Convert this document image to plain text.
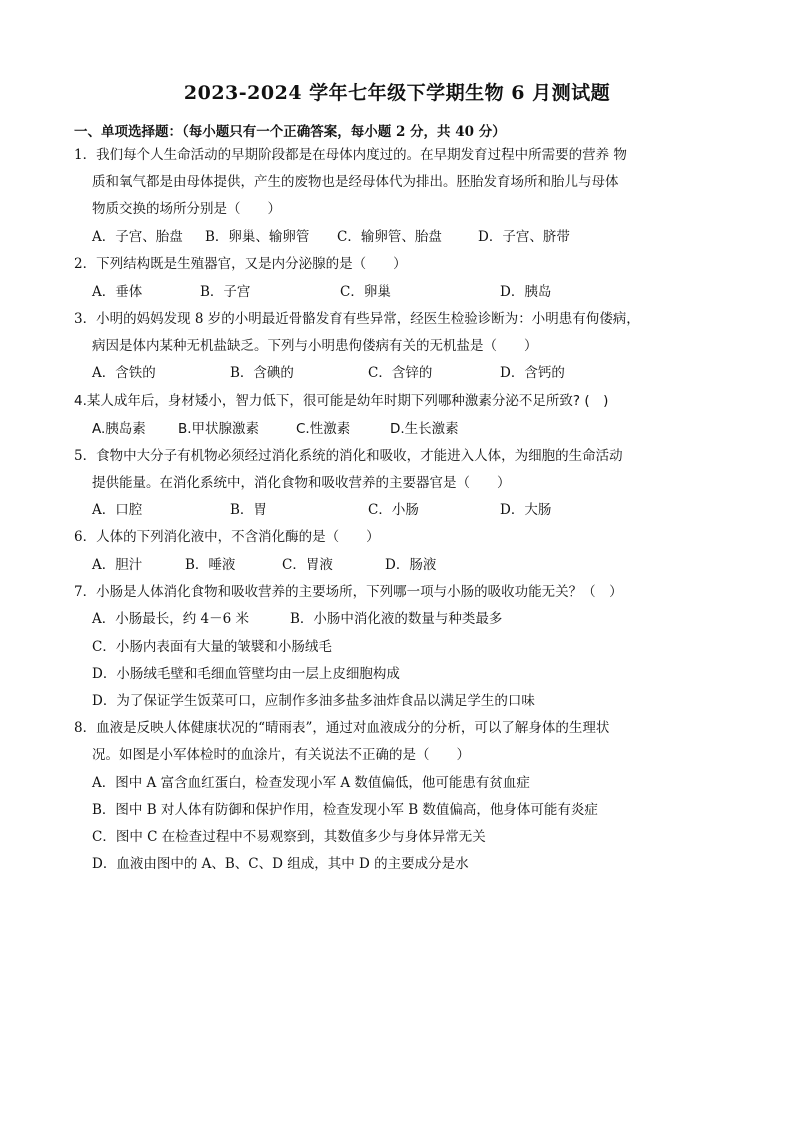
2023-2024 学年七年级下学期生物 6 月测试题
一、单项选择题：（每小题只有一个正确答案，每小题 2 分，共 40 分）
1．我们每个人生命活动的早期阶段都是在母体内度过的。在早期发育过程中所需要的营养 物
质和氧气都是由母体提供，产生的废物也是经母体代为排出。胚胎发育场所和胎儿与母体
物质交换的场所分别是（　　）
A．子宫、胎盘 B．卵巢、输卵管 C．输卵管、胎盘	D．子宫、脐带
2．下列结构既是生殖器官，又是内分泌腺的是（　　）
A．垂体	B．子宫	C．卵巢	D．胰岛
3．小明的妈妈发现 8 岁的小明最近骨骼发育有些异常，经医生检验诊断为：小明患有佝偻病，
病因是体内某种无机盐缺乏。下列与小明患佝偻病有关的无机盐是（　　）
A．含铁的	B．含碘的	C．含锌的	D．含钙的
4.某人成年后，身材矮小，智力低下，很可能是幼年时期下列哪种激素分泌不足所致? (　)
A.胰岛素 B.甲状腺激素	C.性激素	D.生长激素
5．食物中大分子有机物必须经过消化系统的消化和吸收，才能进入人体，为细胞的生命活动
提供能量。在消化系统中，消化食物和吸收营养的主要器官是（　　）
A．口腔	B．胃	C．小肠	D．大肠
6．人体的下列消化液中，不含消化酶的是（　　）
A．胆汁	B．唾液	C．胃液	D．肠液
7．小肠是人体消化食物和吸收营养的主要场所，下列哪一项与小肠的吸收功能无关？（　）
A．小肠最长，约 4－6 米	B．小肠中消化液的数量与种类最多
C．小肠内表面有大量的皱襞和小肠绒毛
D．小肠绒毛壁和毛细血管壁均由一层上皮细胞构成
D．为了保证学生饭菜可口，应制作多油多盐多油炸食品以满足学生的口味
8．血液是反映人体健康状况的“晴雨表”，通过对血液成分的分析，可以了解身体的生理状
况。如图是小军体检时的血涂片，有关说法不正确的是（　　）
A．图中 A 富含血红蛋白，检查发现小军 A 数值偏低，他可能患有贫血症
B．图中 B 对人体有防御和保护作用，检查发现小军 B 数值偏高，他身体可能有炎症
C．图中 C 在检查过程中不易观察到，其数值多少与身体异常无关
D．血液由图中的 A、B、C、D 组成，其中 D 的主要成分是水
